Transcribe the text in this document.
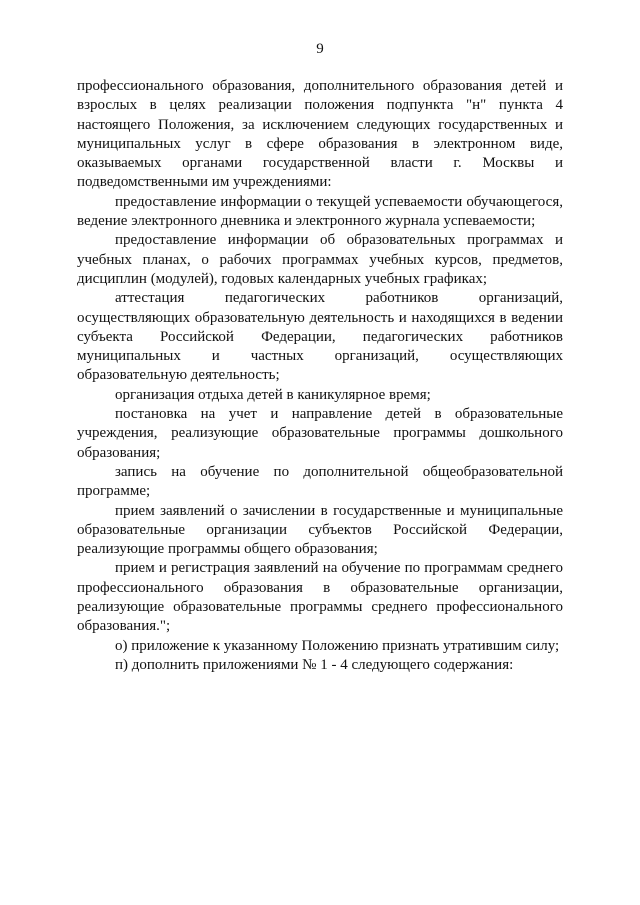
9

профессионального образования, дополнительного образования детей и взрослых в целях реализации положения подпункта "н" пункта 4 настоящего Положения, за исключением следующих государственных и муниципальных услуг в сфере образования в электронном виде, оказываемых органами государственной власти г. Москвы и подведомственными им учреждениями:

предоставление информации о текущей успеваемости обучающегося, ведение электронного дневника и электронного журнала успеваемости;

предоставление информации об образовательных программах и учебных планах, о рабочих программах учебных курсов, предметов, дисциплин (модулей), годовых календарных учебных графиках;

аттестация педагогических работников организаций, осуществляющих образовательную деятельность и находящихся в ведении субъекта Российской Федерации, педагогических работников муниципальных и частных организаций, осуществляющих образовательную деятельность;

организация отдыха детей в каникулярное время;

постановка на учет и направление детей в образовательные учреждения, реализующие образовательные программы дошкольного образования;

запись на обучение по дополнительной общеобразовательной программе;

прием заявлений о зачислении в государственные и муниципальные образовательные организации субъектов Российской Федерации, реализующие программы общего образования;

прием и регистрация заявлений на обучение по программам среднего профессионального образования в образовательные организации, реализующие образовательные программы среднего профессионального образования.";

о) приложение к указанному Положению признать утратившим силу;

п) дополнить приложениями № 1 - 4 следующего содержания:
